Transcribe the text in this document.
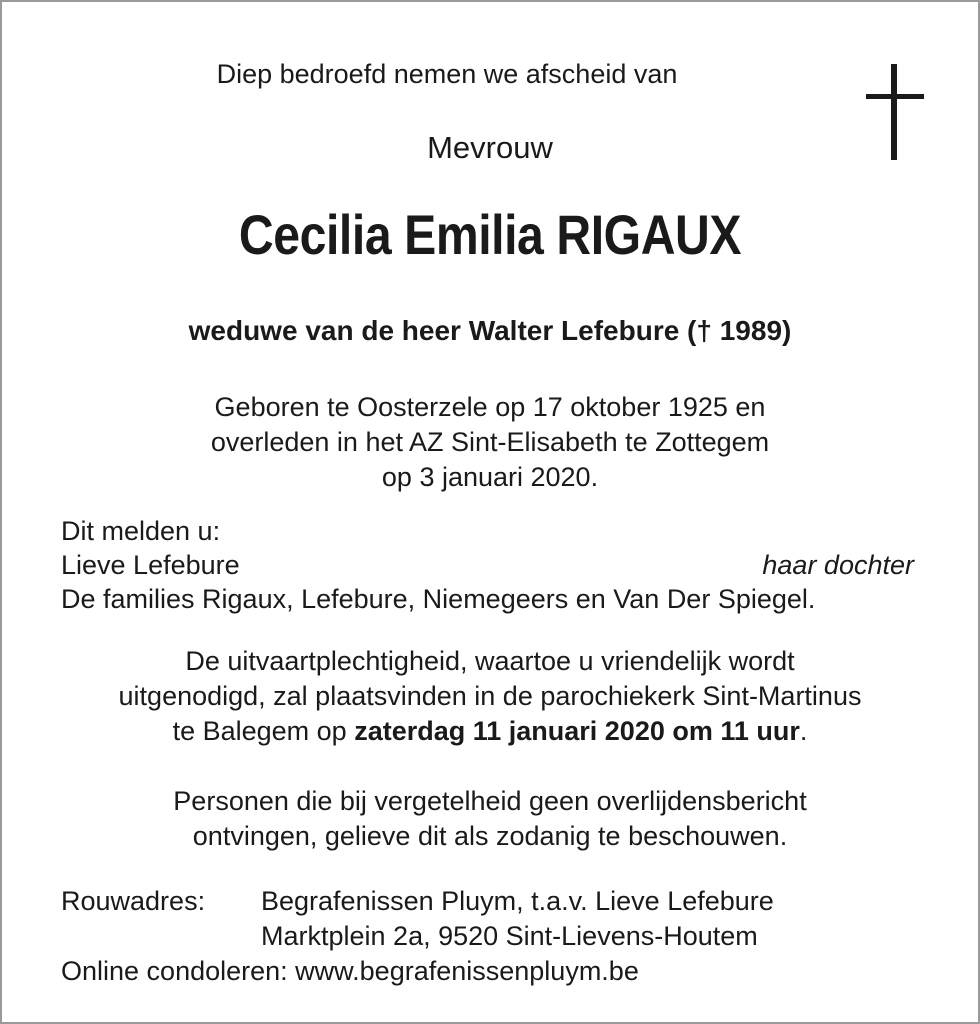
Diep bedroefd nemen we afscheid van
Mevrouw
Cecilia Emilia RIGAUX
weduwe van de heer Walter Lefebure († 1989)
Geboren te Oosterzele op 17 oktober 1925 en
overleden in het AZ Sint-Elisabeth te Zottegem
op 3 januari 2020.
Dit melden u:
Lieve Lefebure	haar dochter
De families Rigaux, Lefebure, Niemegeers en Van Der Spiegel.
De uitvaartplechtigheid, waartoe u vriendelijk wordt
uitgenodigd, zal plaatsvinden in de parochiekerk Sint-Martinus
te Balegem op zaterdag 11 januari 2020 om 11 uur.
Personen die bij vergetelheid geen overlijdensbericht
ontvingen, gelieve dit als zodanig te beschouwen.
Rouwadres: Begrafenissen Pluym, t.a.v. Lieve Lefebure
Marktplein 2a, 9520 Sint-Lievens-Houtem
Online condoleren: www.begrafenissenpluym.be
